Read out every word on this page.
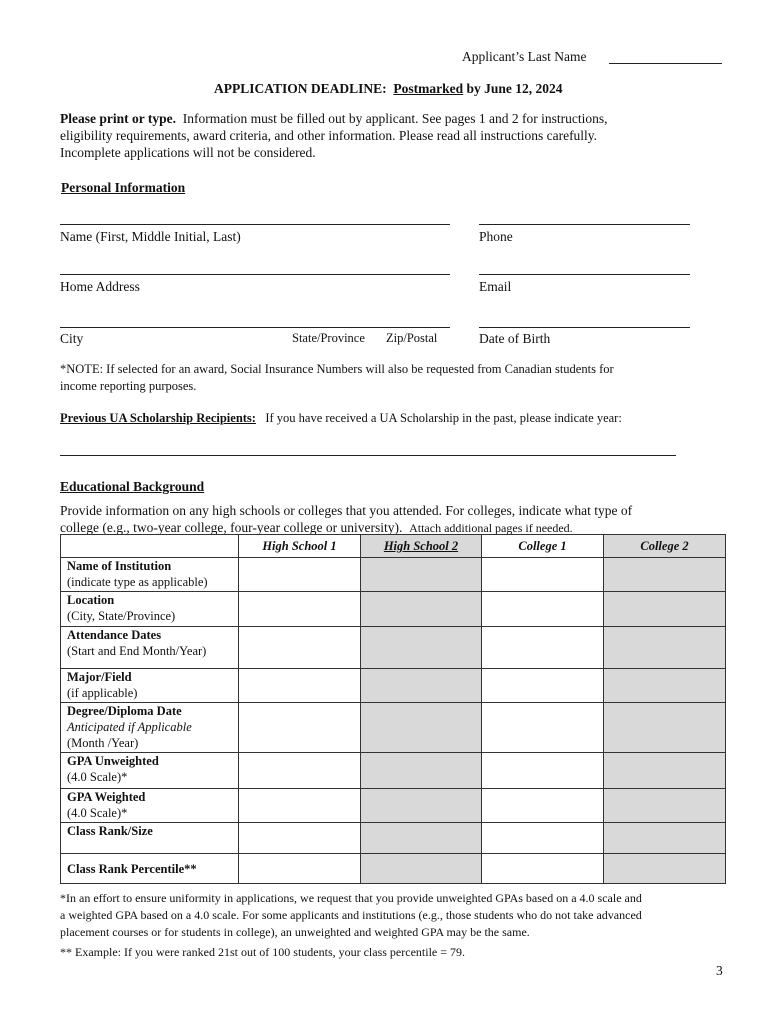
Applicant’s Last Name
APPLICATION DEADLINE: Postmarked by June 12, 2024
Please print or type. Information must be filled out by applicant. See pages 1 and 2 for instructions,
eligibility requirements, award criteria, and other information. Please read all instructions carefully.
Incomplete applications will not be considered.
Personal Information
Name (First, Middle Initial, Last)	Phone
Home Address	Email
City	State/Province Zip/Postal	Date of Birth
*NOTE: If selected for an award, Social Insurance Numbers will also be requested from Canadian students for
income reporting purposes.
Previous UA Scholarship Recipients: If you have received a UA Scholarship in the past, please indicate year:
Educational Background
Provide information on any high schools or colleges that you attended. For colleges, indicate what type of
college (e.g., two-year college, four-year college or university). Attach additional pages if needed.
	High School 1	High School 2	College 1	College 2

Name of Institution
(indicate type as applicable)				

Location
(City, State/Province)				

Attendance Dates
(Start and End Month/Year)				

Major/Field
(if applicable)				

Degree/Diploma Date
Anticipated if Applicable
(Month /Year)				

GPA Unweighted
(4.0 Scale)*				

GPA Weighted
(4.0 Scale)*				

Class Rank/Size				

Class Rank Percentile**				

*In an effort to ensure uniformity in applications, we request that you provide unweighted GPAs based on a 4.0 scale and
a weighted GPA based on a 4.0 scale. For some applicants and institutions (e.g., those students who do not take advanced
placement courses or for students in college), an unweighted and weighted GPA may be the same.
** Example: If you were ranked 21st out of 100 students, your class percentile = 79.
3
